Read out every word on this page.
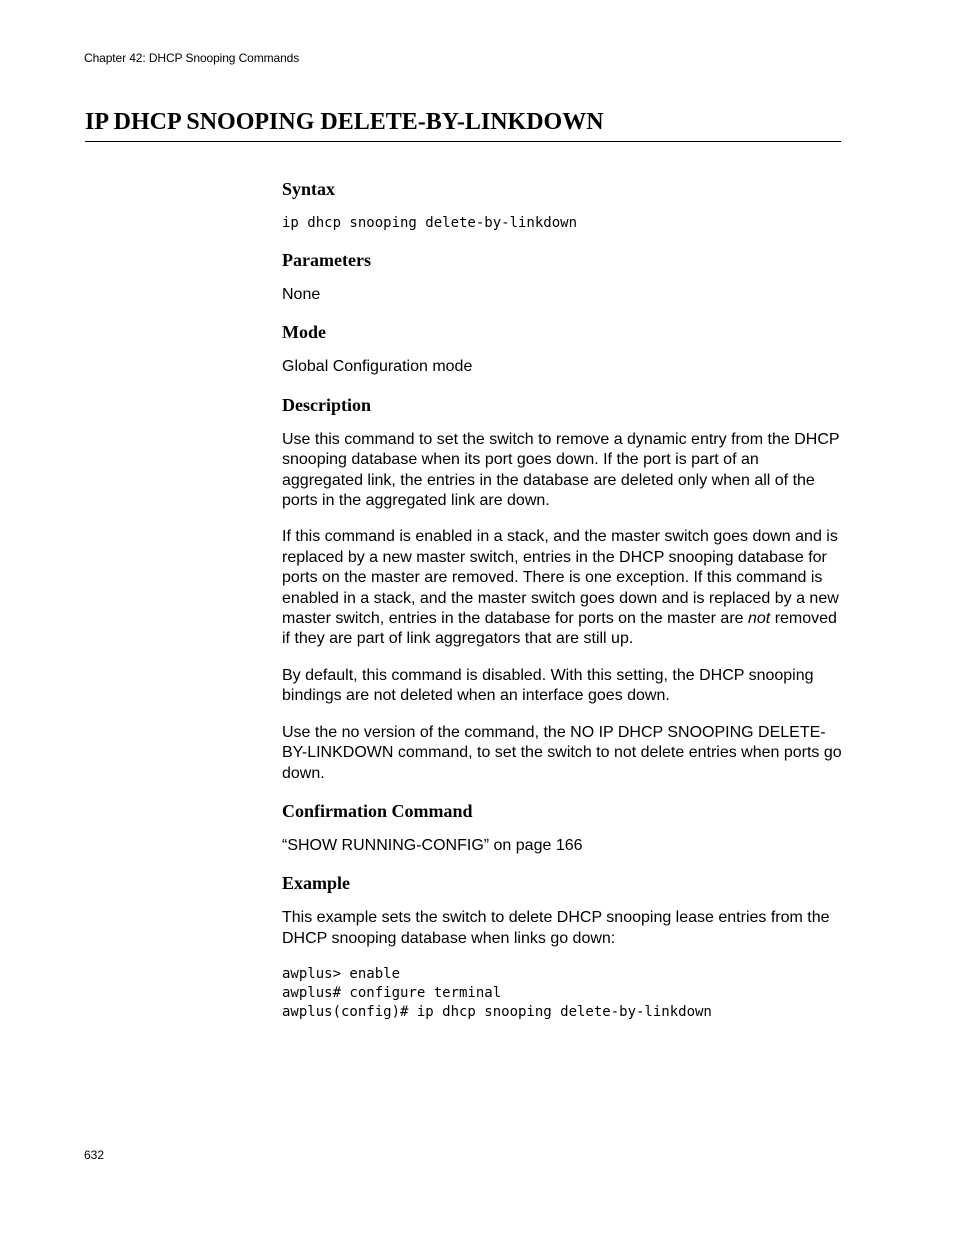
Chapter 42: DHCP Snooping Commands
IP DHCP SNOOPING DELETE-BY-LINKDOWN
Syntax
ip dhcp snooping delete-by-linkdown
Parameters

None

Mode

Global Configuration mode

Description

Use this command to set the switch to remove a dynamic entry from the DHCP snooping database when its port goes down. If the port is part of an aggregated link, the entries in the database are deleted only when all of the ports in the aggregated link are down.

If this command is enabled in a stack, and the master switch goes down and is replaced by a new master switch, entries in the DHCP snooping database for ports on the master are removed. There is one exception. If this command is enabled in a stack, and the master switch goes down and is replaced by a new master switch, entries in the database for ports on the master are not removed if they are part of link aggregators that are still up.

By default, this command is disabled. With this setting, the DHCP snooping bindings are not deleted when an interface goes down.

Use the no version of the command, the NO IP DHCP SNOOPING DELETE-BY-LINKDOWN command, to set the switch to not delete entries when ports go down.

Confirmation Command

“SHOW RUNNING-CONFIG” on page 166

Example

This example sets the switch to delete DHCP snooping lease entries from the DHCP snooping database when links go down:

awplus> enable
awplus# configure terminal
awplus(config)# ip dhcp snooping delete-by-linkdown
632
